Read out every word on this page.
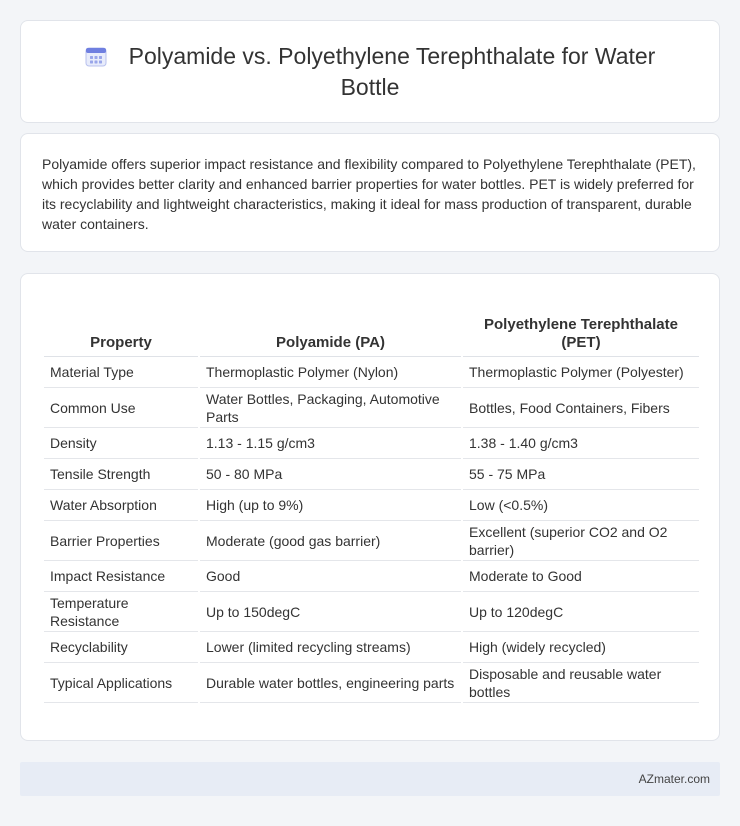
Polyamide vs. Polyethylene Terephthalate for Water Bottle

Polyamide offers superior impact resistance and flexibility compared to Polyethylene Terephthalate (PET), which provides better clarity and enhanced barrier properties for water bottles. PET is widely preferred for its recyclability and lightweight characteristics, making it ideal for mass production of transparent, durable water containers.

Property	Polyamide (PA)	Polyethylene Terephthalate (PET)
Material Type	Thermoplastic Polymer (Nylon)	Thermoplastic Polymer (Polyester)
Common Use	Water Bottles, Packaging, Automotive Parts	Bottles, Food Containers, Fibers
Density	1.13 - 1.15 g/cm3	1.38 - 1.40 g/cm3
Tensile Strength	50 - 80 MPa	55 - 75 MPa
Water Absorption	High (up to 9%)	Low (<0.5%)
Barrier Properties	Moderate (good gas barrier)	Excellent (superior CO2 and O2 barrier)
Impact Resistance	Good	Moderate to Good
Temperature Resistance	Up to 150degC	Up to 120degC
Recyclability	Lower (limited recycling streams)	High (widely recycled)
Typical Applications	Durable water bottles, engineering parts	Disposable and reusable water bottles
AZmater.com
